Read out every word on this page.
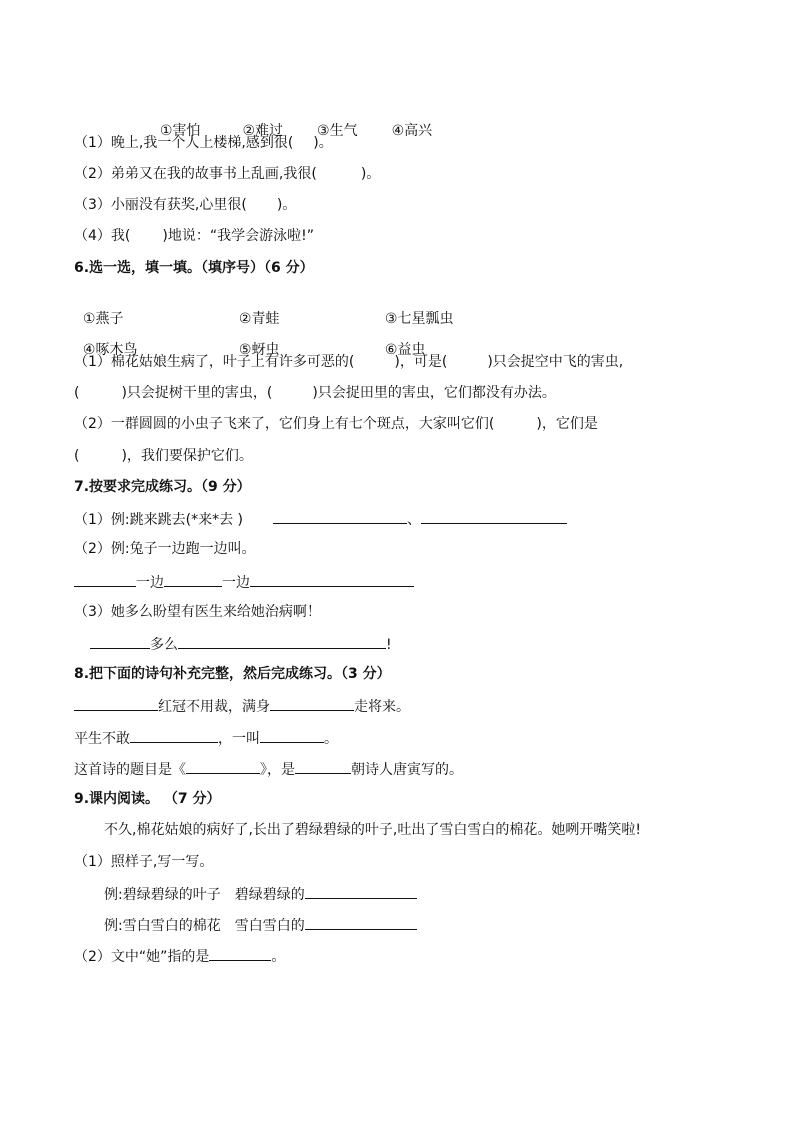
①害怕	②难过 ③生气 ④高兴

（1）晚上,我一个人上楼梯,感到很( )。
（2）弟弟又在我的故事书上乱画,我很(	)。
（3）小丽没有获奖,心里很( )。
（4）我( )地说：“我学会游泳啦!”
6.选一选，填一填。（填序号）（6 分）

①燕子	②青蛙	③七星瓢虫

④啄木鸟	⑤蚜虫	⑥益虫

（1）棉花姑娘生病了，叶子上有许多可恶的(	)，可是(	)只会捉空中飞的害虫,
(	)只会捉树干里的害虫，(	)只会捉田里的害虫，它们都没有办法。
（2）一群圆圆的小虫子飞来了，它们身上有七个斑点，大家叫它们(	)，它们是
(	)，我们要保护它们。
7.按要求完成练习。（9 分）
（1）例:跳来跳去(*来*去 )	、
（2）例:兔子一边跑一边叫。
一边	一边
（3）她多么盼望有医生来给她治病啊！
多么	!
8.把下面的诗句补充完整，然后完成练习。（3 分）
红冠不用裁，满身	走将来。
平生不敢	，一叫	。
这首诗的题目是《	》，是	朝诗人唐寅写的。
9.课内阅读。 （7 分）
不久,棉花姑娘的病好了,长出了碧绿碧绿的叶子,吐出了雪白雪白的棉花。她咧开嘴笑啦!
（1）照样子,写一写。
例:碧绿碧绿的叶子　碧绿碧绿的
例:雪白雪白的棉花　雪白雪白的
（2）文中“她”指的是	。
